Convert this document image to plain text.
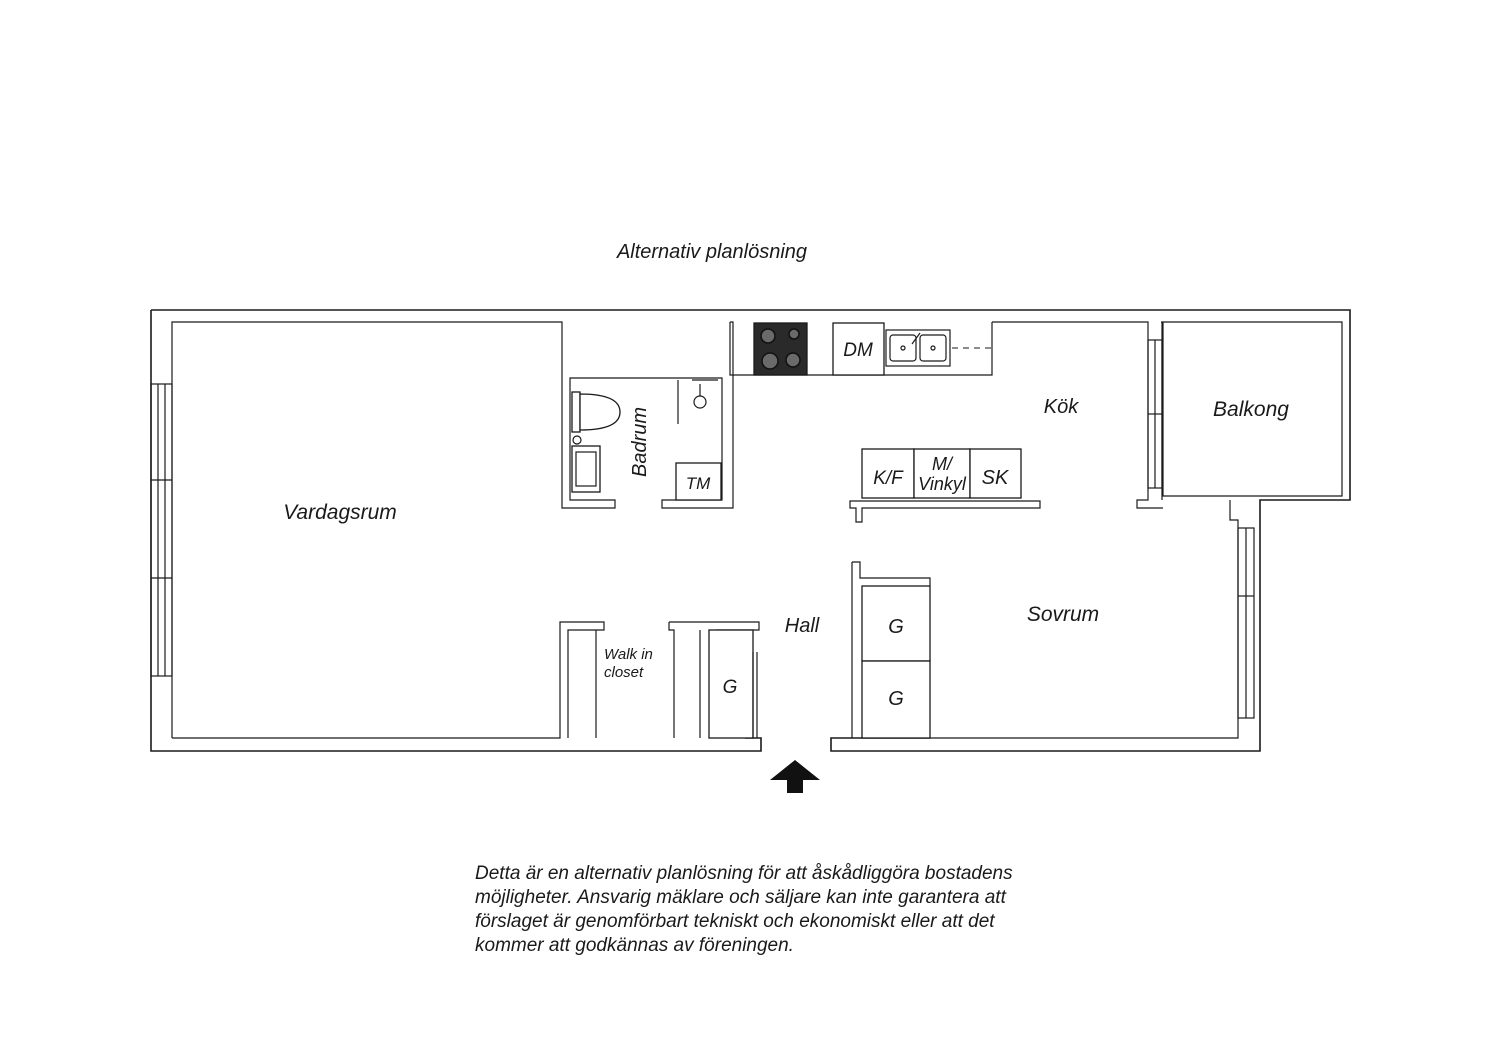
Alternativ planlösning
TM
Badrum
DM
K/F
M/
Vinkyl SK
G
G
G
Walk in
closet
Vardagsrum
Kök	Balkong
Hall	Sovrum
Detta är en alternativ planlösning för att åskådliggöra bostadens
möjligheter. Ansvarig mäklare och säljare kan inte garantera att
förslaget är genomförbart tekniskt och ekonomiskt eller att det
kommer att godkännas av föreningen.
